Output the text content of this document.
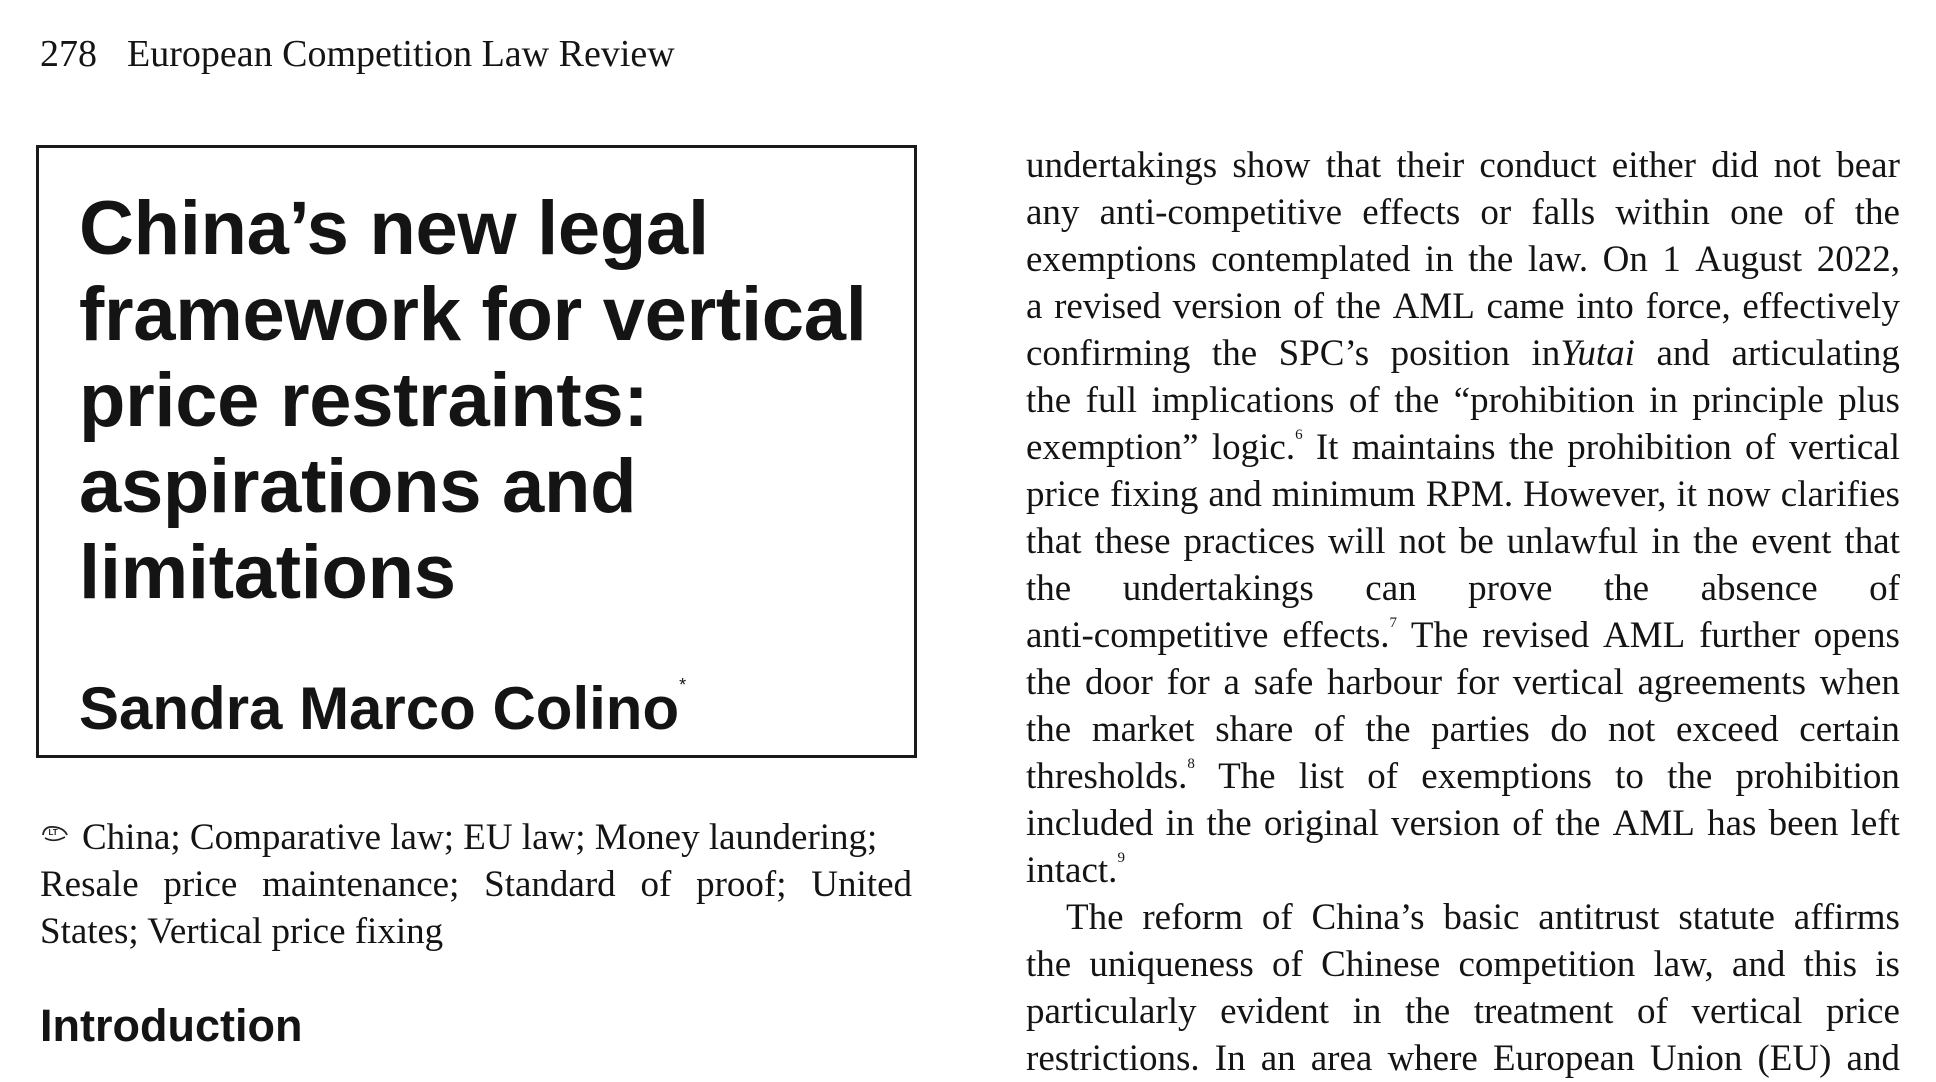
278 European Competition Law Review
China’s new legal
framework for vertical
price restraints:
aspirations and
limitations
Sandra Marco Colino*
LT China; Comparative law; EU law; Money laundering;
Resale price maintenance; Standard of proof; United
States; Vertical price fixing
Introduction
undertakings show that their conduct either did not bear
any anti-competitive effects or falls within one of the
exemptions contemplated in the law. On 1 August 2022,
a revised version of the AML came into force, effectively
confirming the SPC’s position inYutai and articulating
the full implications of the “prohibition in principle plus
exemption” logic.$^6$ It maintains the prohibition of vertical
price fixing and minimum RPM. However, it now clarifies
that these practices will not be unlawful in the event that
the undertakings can prove the absence of
anti-competitive effects.$^7$ The revised AML further opens
the door for a safe harbour for vertical agreements when
the market share of the parties do not exceed certain
thresholds.$^8$ The list of exemptions to the prohibition
included in the original version of the AML has been left
intact.$^9$
The reform of China’s basic antitrust statute affirms
the uniqueness of Chinese competition law, and this is
particularly evident in the treatment of vertical price
restrictions. In an area where European Union (EU) and
